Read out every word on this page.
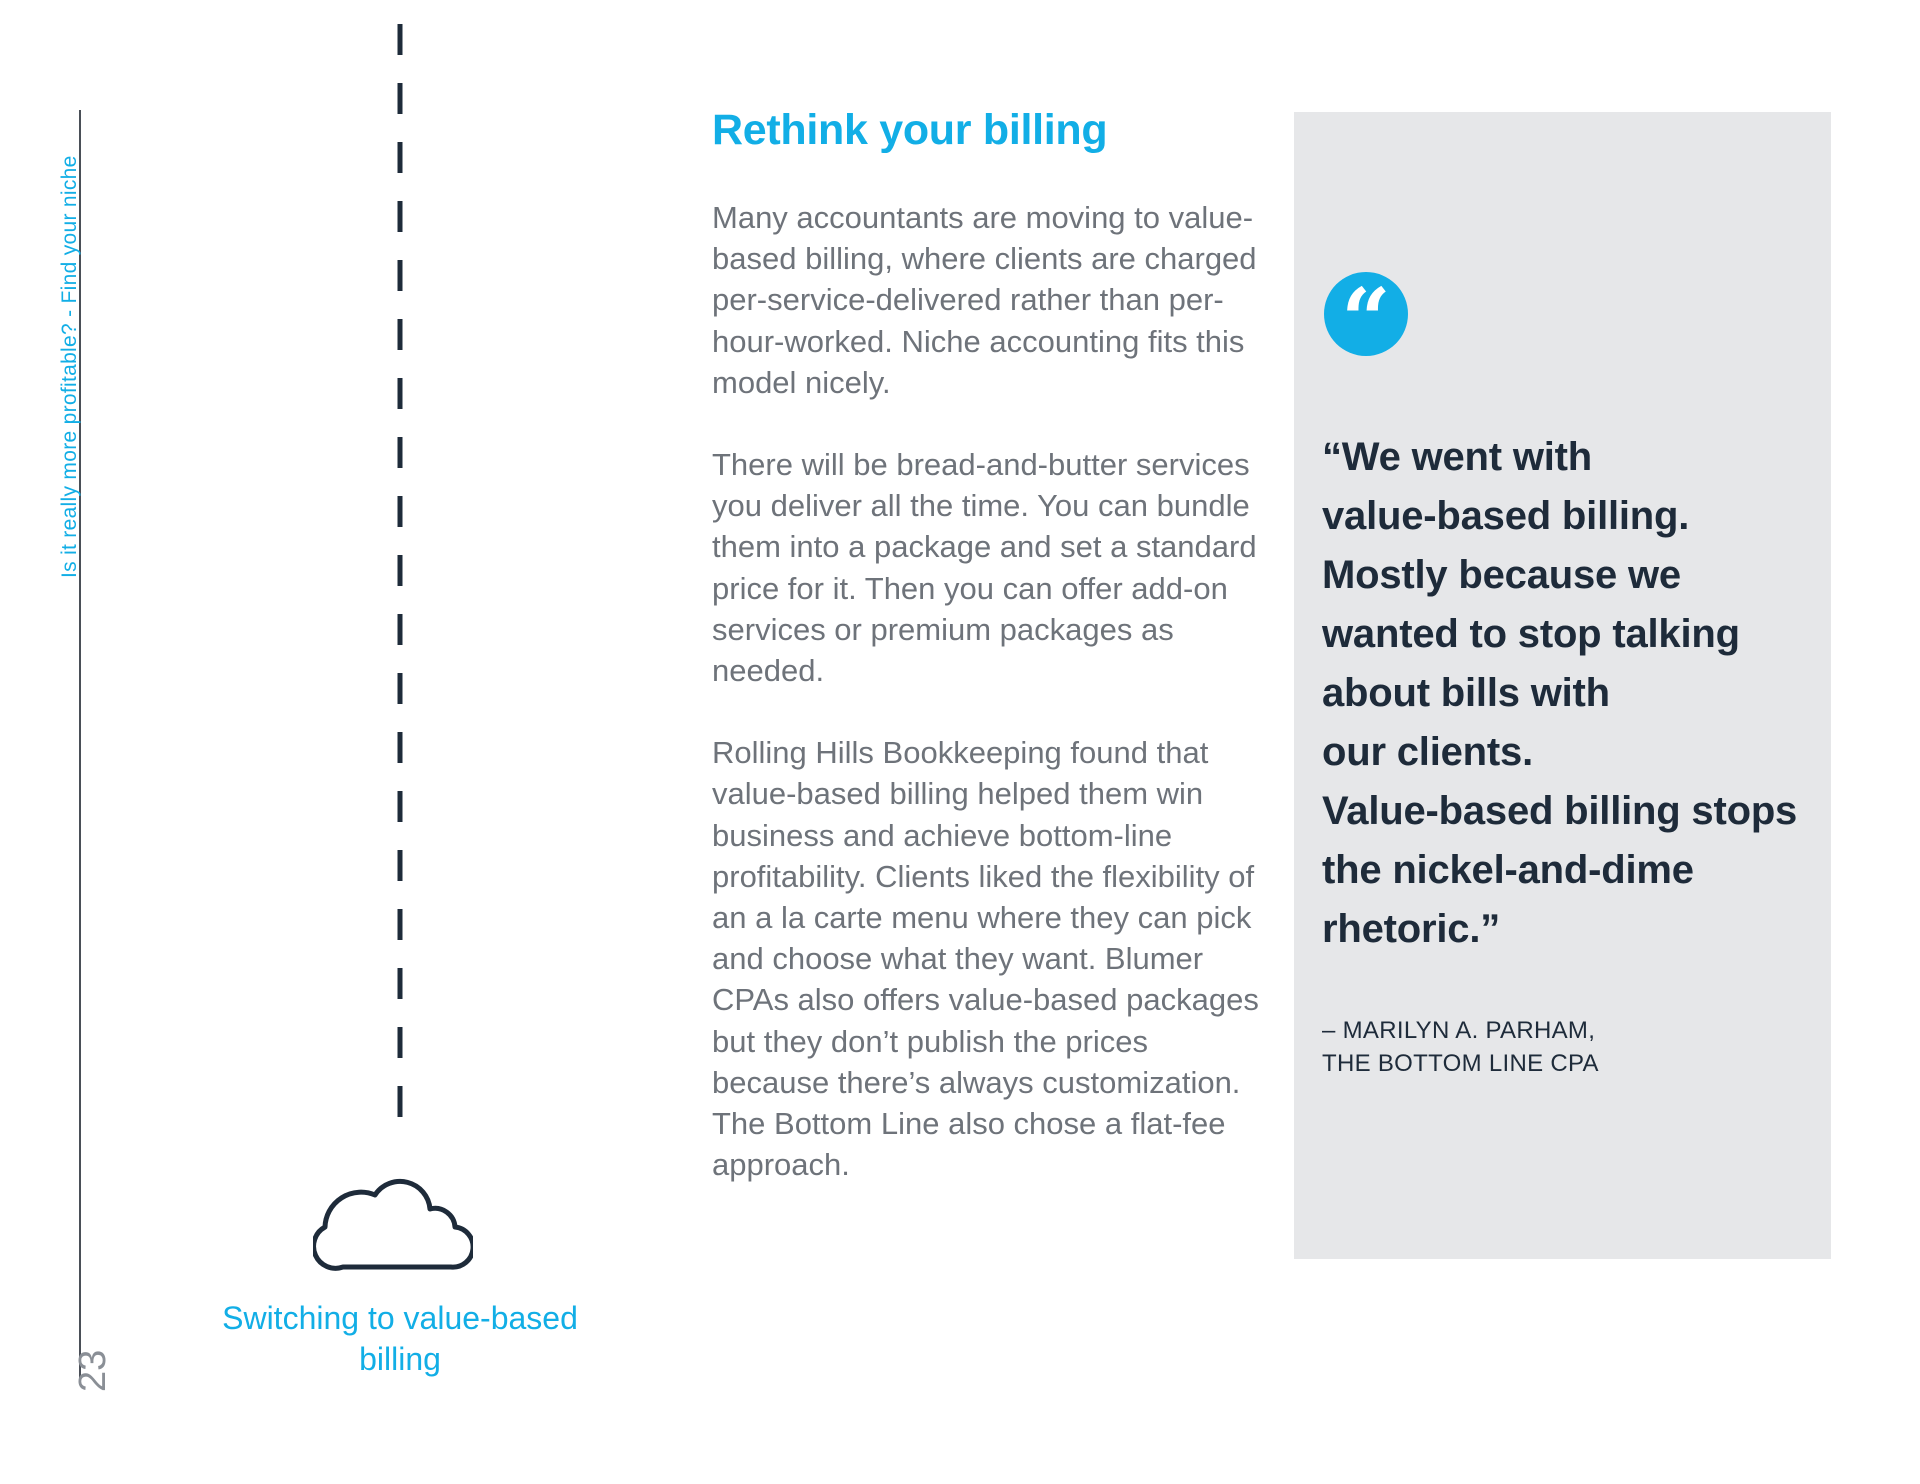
Is it really more profitable? - Find your niche
23
Switching to value-based billing
Rethink your billing

Many accountants are moving to value-based billing, where clients are charged per-service-delivered rather than per-hour-worked. Niche accounting fits this model nicely.

There will be bread-and-butter services you deliver all the time. You can bundle them into a package and set a standard price for it. Then you can offer add-on services or premium packages as needed.

Rolling Hills Bookkeeping found that value-based billing helped them win business and achieve bottom-line profitability. Clients liked the flexibility of an a la carte menu where they can pick and choose what they want. Blumer CPAs also offers value-based packages but they don’t publish the prices because there’s always customization. The Bottom Line also chose a flat-fee approach.

“

“We went with
value-based billing.
Mostly because we
wanted to stop talking
about bills with
our clients.
Value-based billing stops
the nickel-and-dime
rhetoric.”

– MARILYN A. PARHAM,
THE BOTTOM LINE CPA
